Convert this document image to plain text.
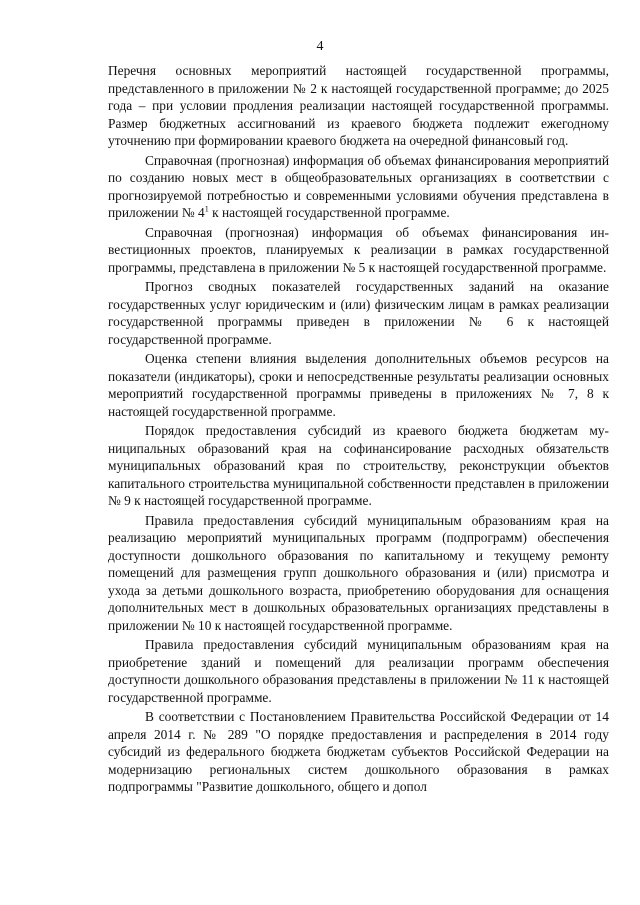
4

Перечня основных мероприятий настоящей государственной программы, представленного в приложении № 2 к настоящей государственной программе; до 2025 года – при условии продления реализации настоящей государственной программы. Размер бюджетных ассигнований из краевого бюджета подлежит ежегодному уточнению при формировании краевого бюджета на очередной финансовый год.

Справочная (прогнозная) информация об объемах финансирования мероприятий по созданию новых мест в общеобразовательных организациях в соответствии с прогнозируемой потребностью и современными условиями обучения представлена в приложении № $4^1$ к настоящей государственной программе.

Справочная (прогнозная) информация об объемах финансирования инвестиционных проектов, планируемых к реализации в рамках государственной программы, представлена в приложении № 5 к настоящей государственной программе.

Прогноз сводных показателей государственных заданий на оказание государственных услуг юридическим и (или) физическим лицам в рамках реализации государственной программы приведен в приложении № 6 к настоящей государственной программе.

Оценка степени влияния выделения дополнительных объемов ресурсов на показатели (индикаторы), сроки и непосредственные результаты реализации основных мероприятий государственной программы приведены в приложениях № 7, 8 к настоящей государственной программе.

Порядок предоставления субсидий из краевого бюджета бюджетам муниципальных образований края на софинансирование расходных обязательств муниципальных образований края по строительству, реконструкции объектов капитального строительства муниципальной собственности представлен в приложении № 9 к настоящей государственной программе.

Правила предоставления субсидий муниципальным образованиям края на реализацию мероприятий муниципальных программ (подпрограмм) обеспечения доступности дошкольного образования по капитальному и текущему ремонту помещений для размещения групп дошкольного образования и (или) присмотра и ухода за детьми дошкольного возраста, приобретению оборудования для оснащения дополнительных мест в дошкольных образовательных организациях представлены в приложении № 10 к настоящей государственной программе.

Правила предоставления субсидий муниципальным образованиям края на приобретение зданий и помещений для реализации программ обеспечения доступности дошкольного образования представлены в приложении № 11 к настоящей государственной программе.

В соответствии с Постановлением Правительства Российской Федерации от 14 апреля 2014 г. № 289 "О порядке предоставления и распределения в 2014 году субсидий из федерального бюджета бюджетам субъектов Российской Федерации на модернизацию региональных систем дошкольного образования в рамках подпрограммы "Развитие дошкольного, общего и допол
